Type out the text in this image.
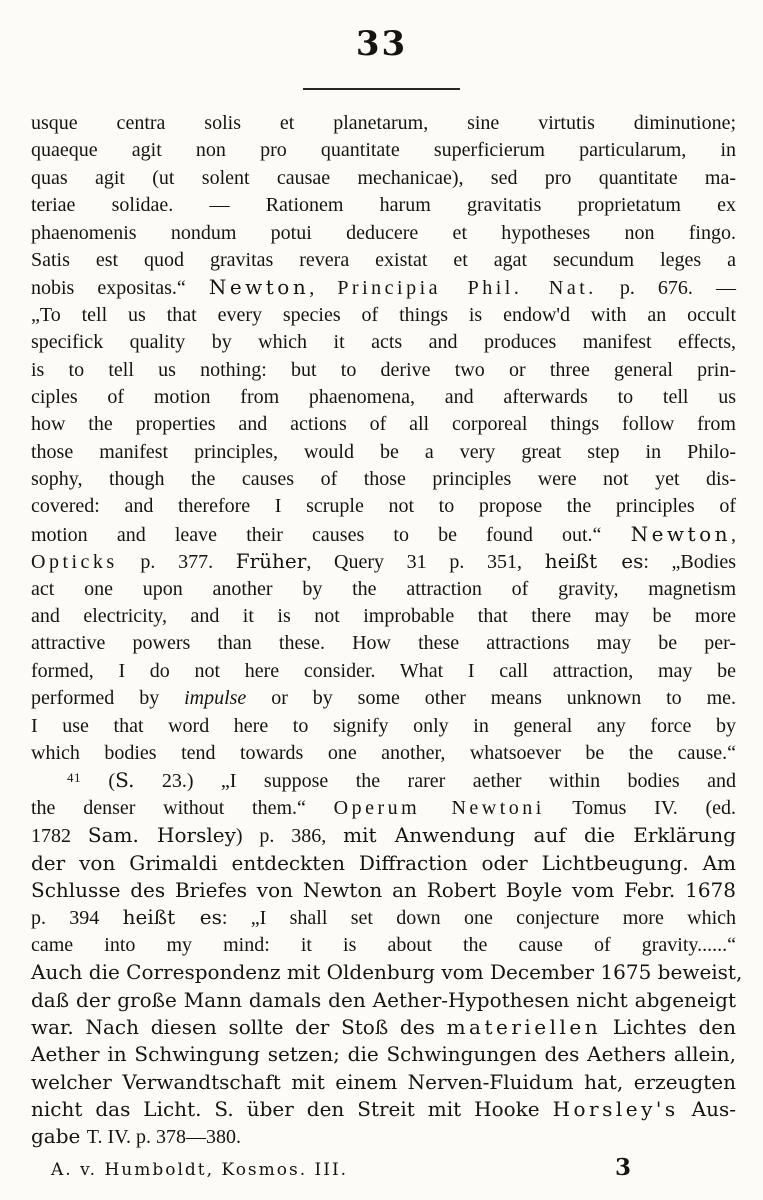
33
usque centra solis et planetarum, sine virtutis diminutione;
quaeque agit non pro quantitate superficierum particularum, in
quas agit (ut solent causae mechanicae), sed pro quantitate ma-
teriae solidae. — Rationem harum gravitatis proprietatum ex
phaenomenis nondum potui deducere et hypotheses non fingo.
Satis est quod gravitas revera existat et agat secundum leges a
nobis expositas.“ Newton, Principia Phil. Nat. p. 676. —
„To tell us that every species of things is endow'd with an occult
specifick quality by which it acts and produces manifest effects,
is to tell us nothing: but to derive two or three general prin-
ciples of motion from phaenomena, and afterwards to tell us
how the properties and actions of all corporeal things follow from
those manifest principles, would be a very great step in Philo-
sophy, though the causes of those principles were not yet dis-
covered: and therefore I scruple not to propose the principles of
motion and leave their causes to be found out.“ Newton,
Opticks p. 377. Früher, Query 31 p. 351, heißt es: „Bodies
act one upon another by the attraction of gravity, magnetism
and electricity, and it is not improbable that there may be more
attractive powers than these. How these attractions may be per-
formed, I do not here consider. What I call attraction, may be
performed by impulse or by some other means unknown to me.
I use that word here to signify only in general any force by
which bodies tend towards one another, whatsoever be the cause.“
$^{41}$ (S. 23.) „I suppose the rarer aether within bodies and
the denser without them.“ Operum Newtoni Tomus IV. (ed.
1782 Sam. Horsley) p. 386, mit Anwendung auf die Erklärung
der von Grimaldi entdeckten Diffraction oder Lichtbeugung. Am
Schlusse des Briefes von Newton an Robert Boyle vom Febr. 1678
p. 394 heißt es: „I shall set down one conjecture more which
came into my mind: it is about the cause of gravity......“
Auch die Correspondenz mit Oldenburg vom December 1675 beweist,
daß der große Mann damals den Aether-Hypothesen nicht abgeneigt
war. Nach diesen sollte der Stoß des materiellen Lichtes den
Aether in Schwingung setzen; die Schwingungen des Aethers allein,
welcher Verwandtschaft mit einem Nerven-Fluidum hat, erzeugten
nicht das Licht. S. über den Streit mit Hooke Horsley's Aus-
gabe T. IV. p. 378—380.
A. v. Humboldt, Kosmos. III.	3
